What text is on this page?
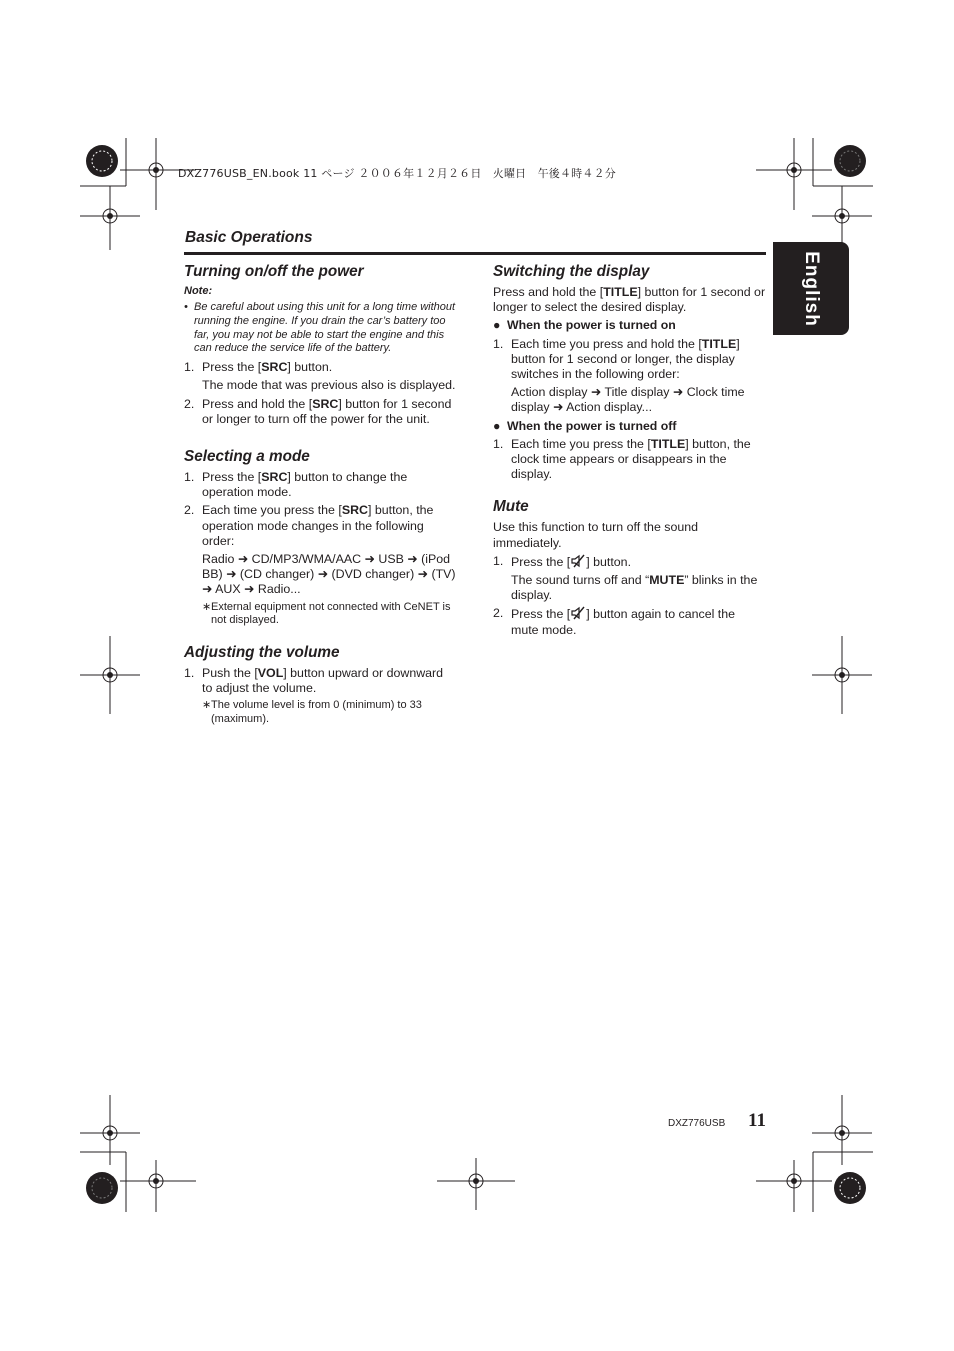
DXZ776USB_EN.book 11 ページ ２００６年１２月２６日　火曜日　午後４時４２分
Basic Operations
English
Turning on/off the power
Note:
• Be careful about using this unit for a long time without running the engine. If you drain the car’s battery too far, you may not be able to start the engine and this can reduce the service life of the battery.
1. Press the [SRC] button.
The mode that was previous also is displayed.
2. Press and hold the [SRC] button for 1 second or longer to turn off the power for the unit.
Selecting a mode
1. Press the [SRC] button to change the operation mode.
2. Each time you press the [SRC] button, the operation mode changes in the following order:
Radio ➜ CD/MP3/WMA/AAC ➜ USB ➜ (iPod BB) ➜ (CD changer) ➜ (DVD changer) ➜ (TV) ➜ AUX ➜ Radio...
∗ External equipment not connected with CeNET is not displayed.
Adjusting the volume
1. Push the [VOL] button upward or downward to adjust the volume.
∗ The volume level is from 0 (minimum) to 33 (maximum).
Switching the display

Press and hold the [TITLE] button for 1 second or longer to select the desired display.

● When the power is turned on
1. Each time you press and hold the [TITLE] button for 1 second or longer, the display switches in the following order:
Action display ➜ Title display ➜ Clock time display ➜ Action display...
● When the power is turned off
1. Each time you press the [TITLE] button, the clock time appears or disappears in the display.
Mute

Use this function to turn off the sound immediately.

1. Press the [ ] button.
The sound turns off and “MUTE” blinks in the display.
2. Press the [ ] button again to cancel the mute mode.
DXZ776USB 11
